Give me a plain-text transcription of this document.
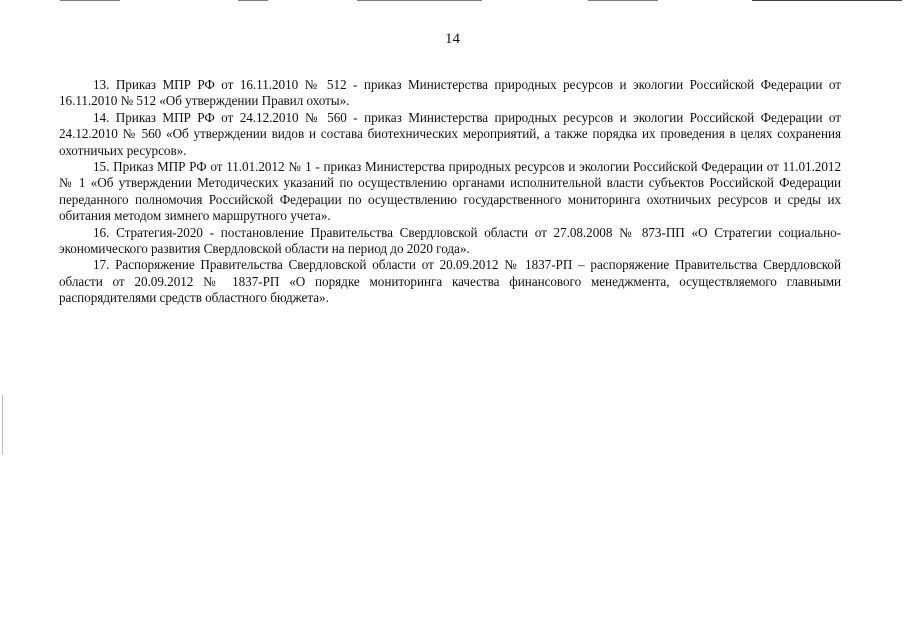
14

13. Приказ МПР РФ от 16.11.2010 № 512 - приказ Министерства природных ресурсов и экологии Российской Федерации от 16.11.2010 № 512 «Об утверждении Правил охоты».

14. Приказ МПР РФ от 24.12.2010 № 560 - приказ Министерства природных ресурсов и экологии Российской Федерации от 24.12.2010 № 560 «Об утверждении видов и состава биотехнических мероприятий, а также порядка их проведения в целях сохранения охотничьих ресурсов».

15. Приказ МПР РФ от 11.01.2012 № 1 - приказ Министерства природных ресурсов и экологии Российской Федерации от 11.01.2012 № 1 «Об утверждении Методических указаний по осуществлению органами исполнительной власти субъектов Российской Федерации переданного полномочия Российской Федерации по осуществлению государственного мониторинга охотничьих ресурсов и среды их обитания методом зимнего маршрутного учета».

16. Стратегия-2020 - постановление Правительства Свердловской области от 27.08.2008 № 873-ПП «О Стратегии социально- экономического развития Свердловской области на период до 2020 года».

17. Распоряжение Правительства Свердловской области от 20.09.2012 № 1837-РП – распоряжение Правительства Свердловской области от 20.09.2012 № 1837-РП «О порядке мониторинга качества финансового менеджмента, осуществляемого главными распорядителями средств областного бюджета».
